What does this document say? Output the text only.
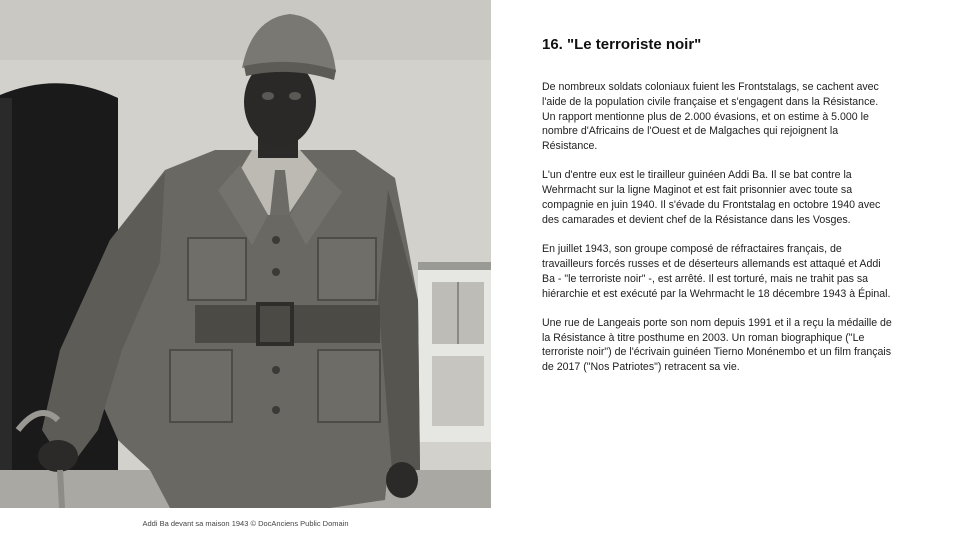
Addi Ba devant sa maison 1943 © DocAnciens Public Domain
16. "Le terroriste noir"

De nombreux soldats coloniaux fuient les Frontstalags, se cachent avec l'aide de la population civile française et s'engagent dans la Résistance. Un rapport mentionne plus de 2.000 évasions, et on estime à 5.000 le nombre d'Africains de l'Ouest et de Malgaches qui rejoignent la Résistance.

L'un d'entre eux est le tirailleur guinéen Addi Ba. Il se bat contre la Wehrmacht sur la ligne Maginot et est fait prisonnier avec toute sa compagnie en juin 1940. Il s'évade du Frontstalag en octobre 1940 avec des camarades et devient chef de la Résistance dans les Vosges.

En juillet 1943, son groupe composé de réfractaires français, de travailleurs forcés russes et de déserteurs allemands est attaqué et Addi Ba - "le terroriste noir" -, est arrêté. Il est torturé, mais ne trahit pas sa hiérarchie et est exécuté par la Wehrmacht le 18 décembre 1943 à Épinal.

Une rue de Langeais porte son nom depuis 1991 et il a reçu la médaille de la Résistance à titre posthume en 2003. Un roman biographique ("Le terroriste noir") de l'écrivain guinéen Tierno Monénembo et un film français de 2017 ("Nos Patriotes") retracent sa vie.
